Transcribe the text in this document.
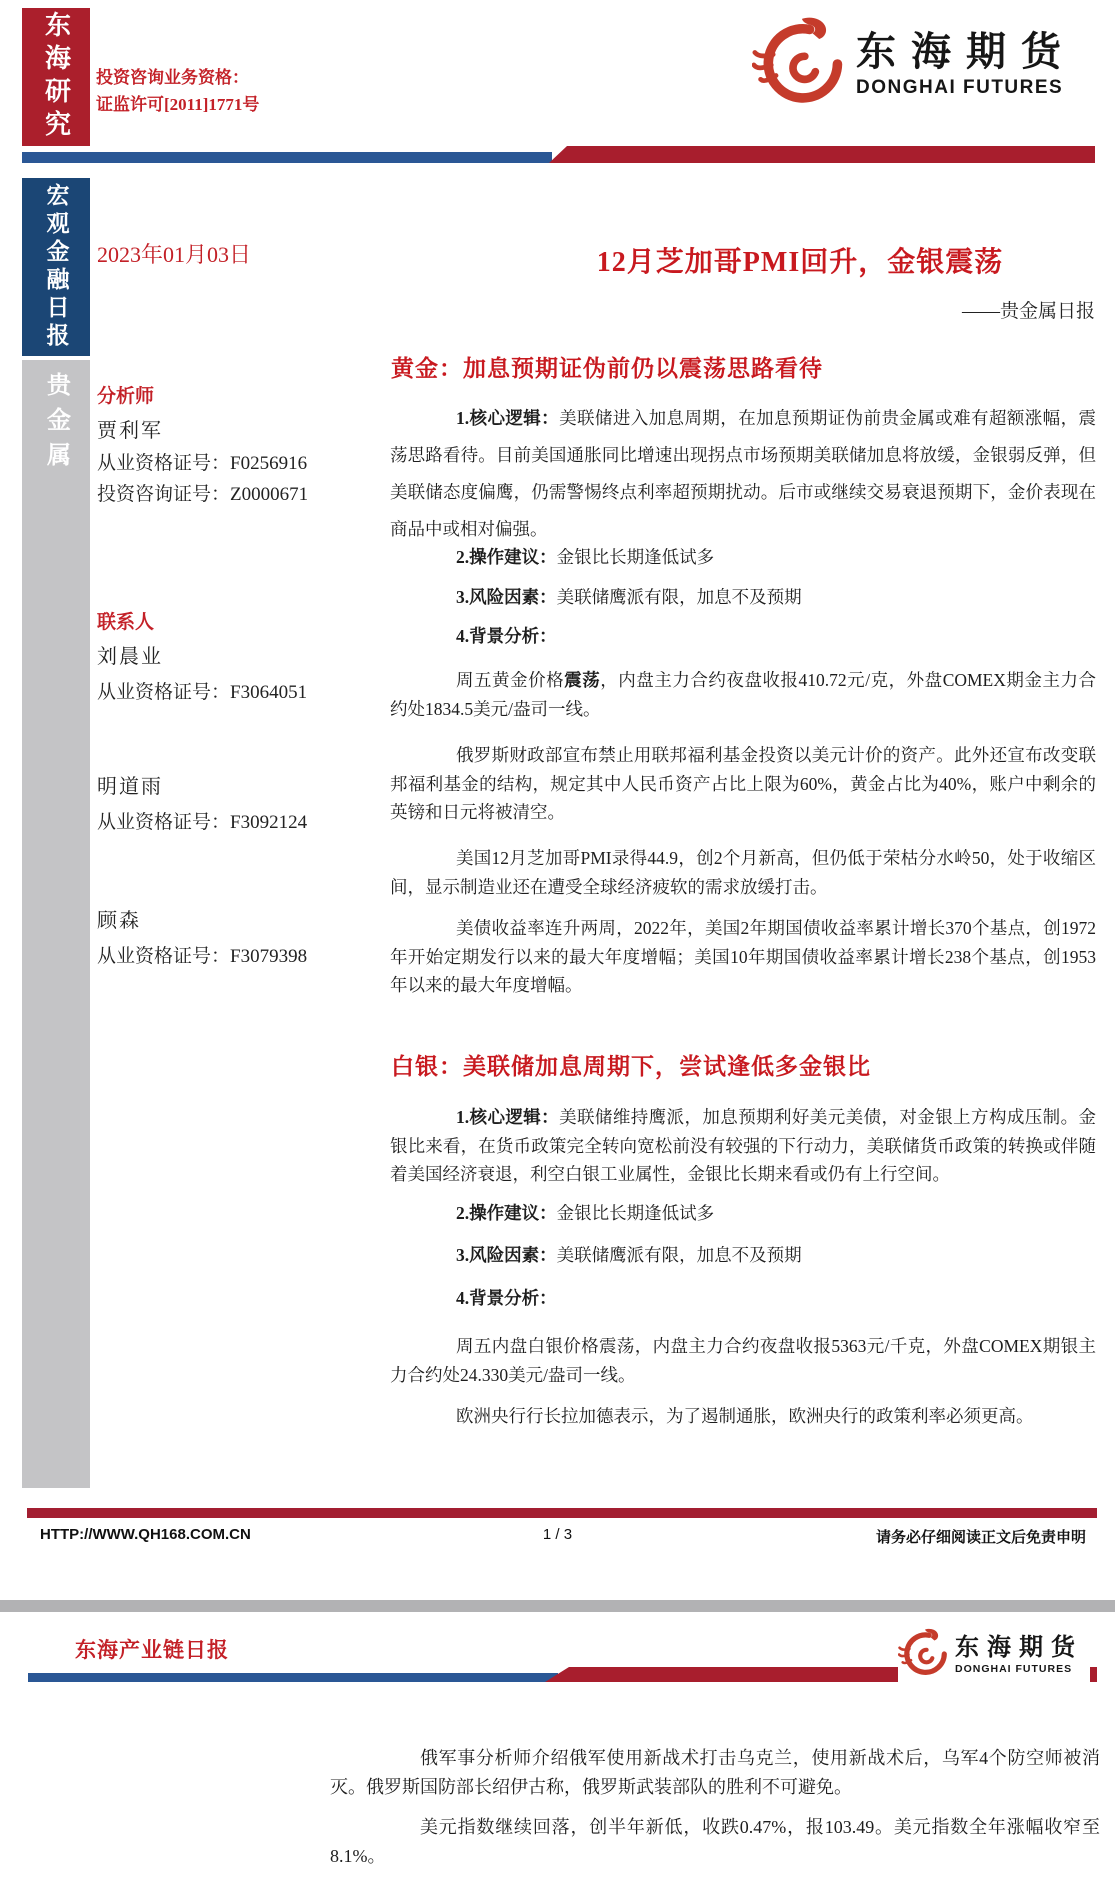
东海研究 投资咨询业务资格：
证监许可[2011]1771号
东海期货
DONGHAI FUTURES
宏观金融日报
贵金属
2023年01月03日	12月芝加哥PMI回升，金银震荡
——贵金属日报
分析师
贾利军
从业资格证号：F0256916
投资咨询证号：Z0000671
联系人
刘晨业
从业资格证号：F3064051
明道雨
从业资格证号：F3092124
顾森
从业资格证号：F3079398
黄金：加息预期证伪前仍以震荡思路看待
1.核心逻辑：美联储进入加息周期，在加息预期证伪前贵金属或难有超额涨幅，震荡思路看待。目前美国通胀同比增速出现拐点市场预期美联储加息将放缓，金银弱反弹，但美联储态度偏鹰，仍需警惕终点利率超预期扰动。后市或继续交易衰退预期下，金价表现在商品中或相对偏强。
2.操作建议：金银比长期逢低试多
3.风险因素：美联储鹰派有限，加息不及预期
4.背景分析：
周五黄金价格震荡，内盘主力合约夜盘收报410.72元/克，外盘COMEX期金主力合约处1834.5美元/盎司一线。
俄罗斯财政部宣布禁止用联邦福利基金投资以美元计价的资产。此外还宣布改变联邦福利基金的结构，规定其中人民币资产占比上限为60%，黄金占比为40%，账户中剩余的英镑和日元将被清空。
美国12月芝加哥PMI录得44.9，创2个月新高，但仍低于荣枯分水岭50，处于收缩区间，显示制造业还在遭受全球经济疲软的需求放缓打击。
美债收益率连升两周，2022年，美国2年期国债收益率累计增长370个基点，创1972年开始定期发行以来的最大年度增幅；美国10年期国债收益率累计增长238个基点，创1953年以来的最大年度增幅。
白银：美联储加息周期下，尝试逢低多金银比
1.核心逻辑：美联储维持鹰派，加息预期利好美元美债，对金银上方构成压制。金银比来看，在货币政策完全转向宽松前没有较强的下行动力，美联储货币政策的转换或伴随着美国经济衰退，利空白银工业属性，金银比长期来看或仍有上行空间。
2.操作建议：金银比长期逢低试多
3.风险因素：美联储鹰派有限，加息不及预期
4.背景分析：
周五内盘白银价格震荡，内盘主力合约夜盘收报5363元/千克，外盘COMEX期银主力合约处24.330美元/盎司一线。
欧洲央行行长拉加德表示，为了遏制通胀，欧洲央行的政策利率必须更高。
HTTP://WWW.QH168.COM.CN	1 / 3	请务必仔细阅读正文后免责申明
东海产业链日报	东海期货
DONGHAI FUTURES
俄军事分析师介绍俄军使用新战术打击乌克兰，使用新战术后，乌军4个防空师被消灭。俄罗斯国防部长绍伊古称，俄罗斯武装部队的胜利不可避免。
美元指数继续回落，创半年新低，收跌0.47%，报103.49。美元指数全年涨幅收窄至8.1%。
